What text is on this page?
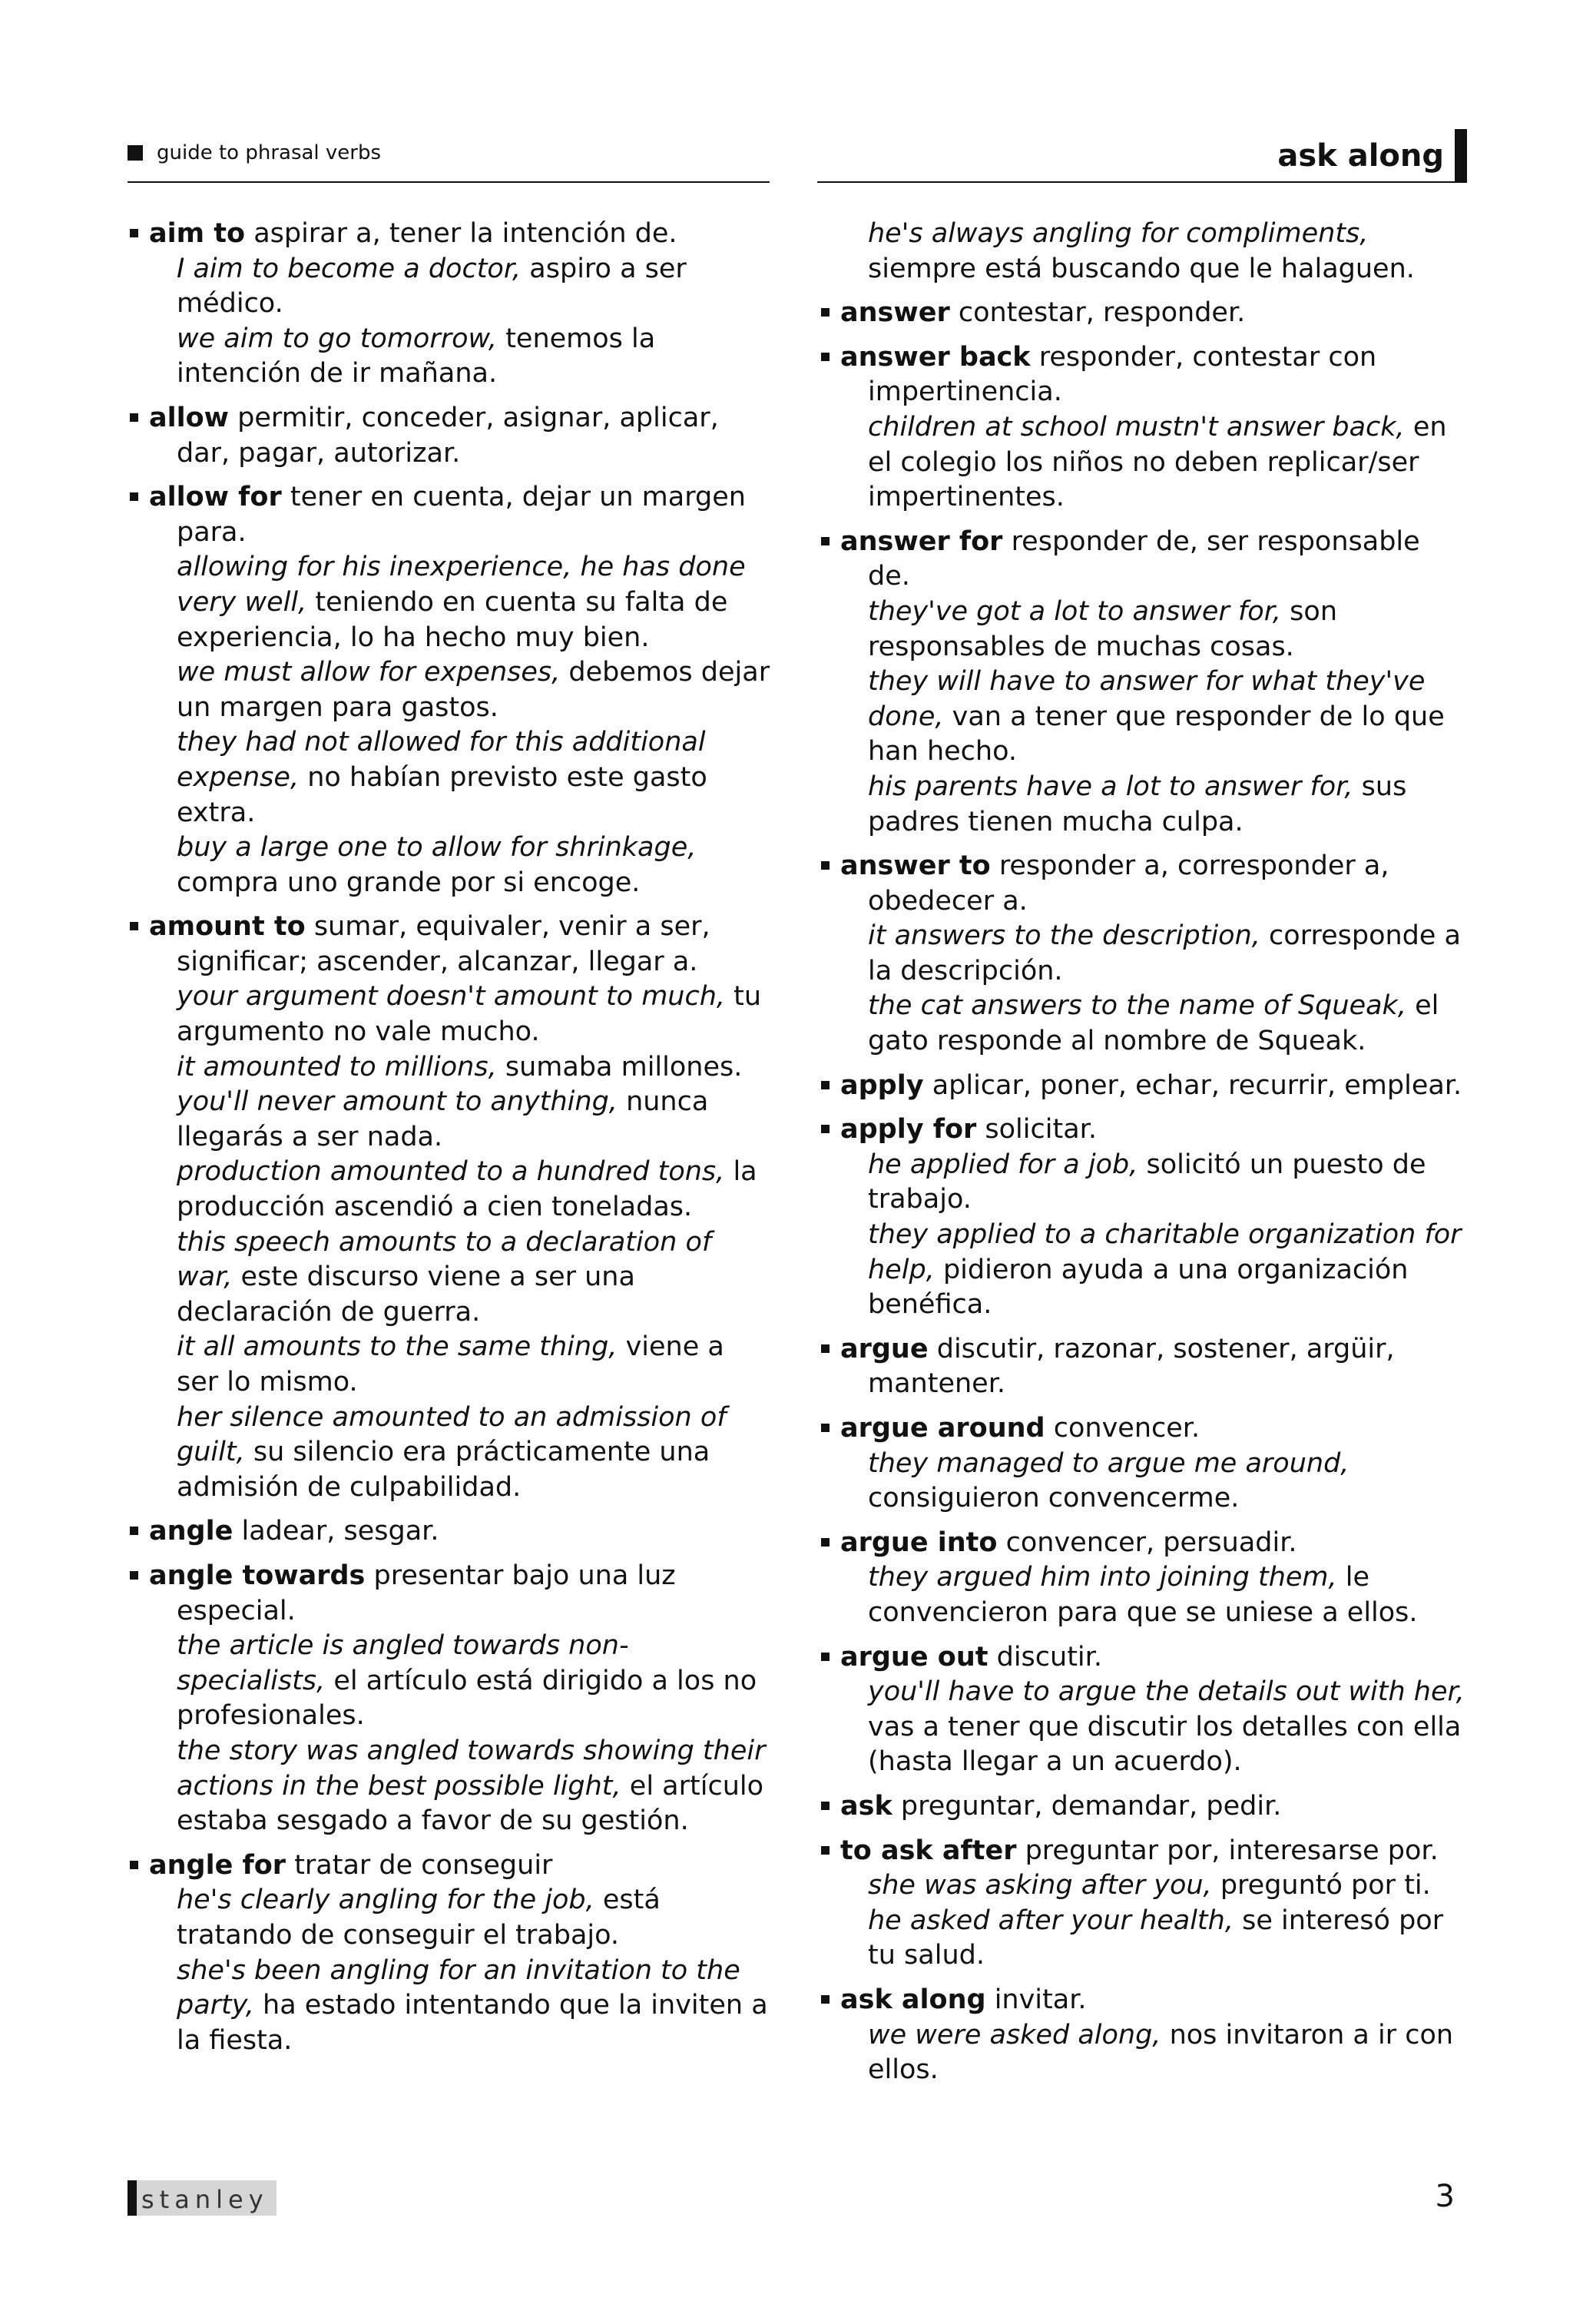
guide to phrasal verbs	ask along
aim to aspirar a, tener la intención de.
I aim to become a doctor, aspiro a ser médico.
we aim to go tomorrow, tenemos la intención de ir mañana.
allow permitir, conceder, asignar, aplicar, dar, pagar, autorizar.
allow for tener en cuenta, dejar un margen para.
allowing for his inexperience, he has done very well, teniendo en cuenta su falta de experiencia, lo ha hecho muy bien.
we must allow for expenses, debemos dejar un margen para gastos.
they had not allowed for this additional expense, no habían previsto este gasto extra.
buy a large one to allow for shrinkage, compra uno grande por si encoge.
amount to sumar, equivaler, venir a ser, significar; ascender, alcanzar, llegar a.
your argument doesn't amount to much, tu argumento no vale mucho.
it amounted to millions, sumaba millones.
you'll never amount to anything, nunca llegarás a ser nada.
production amounted to a hundred tons, la producción ascendió a cien toneladas.
this speech amounts to a declaration of war, este discurso viene a ser una declaración de guerra.
it all amounts to the same thing, viene a ser lo mismo.
her silence amounted to an admission of guilt, su silencio era prácticamente una admisión de culpabilidad.
angle ladear, sesgar.
angle towards presentar bajo una luz especial.
the article is angled towards non-specialists, el artículo está dirigido a los no profesionales.
the story was angled towards showing their actions in the best possible light, el artículo estaba sesgado a favor de su gestión.
angle for tratar de conseguir
he's clearly angling for the job, está tratando de conseguir el trabajo.
she's been angling for an invitation to the party, ha estado intentando que la inviten a la fiesta.
he's always angling for compliments, siempre está buscando que le halaguen.
answer contestar, responder.
answer back responder, contestar con impertinencia.
children at school mustn't answer back, en el colegio los niños no deben replicar/ser impertinentes.
answer for responder de, ser responsable de.
they've got a lot to answer for, son responsables de muchas cosas.
they will have to answer for what they've done, van a tener que responder de lo que han hecho.
his parents have a lot to answer for, sus padres tienen mucha culpa.
answer to responder a, corresponder a, obedecer a.
it answers to the description, corresponde a la descripción.
the cat answers to the name of Squeak, el gato responde al nombre de Squeak.
apply aplicar, poner, echar, recurrir, emplear.
apply for solicitar.
he applied for a job, solicitó un puesto de trabajo.
they applied to a charitable organization for help, pidieron ayuda a una organización benéfica.
argue discutir, razonar, sostener, argüir, mantener.
argue around convencer.
they managed to argue me around, consiguieron convencerme.
argue into convencer, persuadir.
they argued him into joining them, le convencieron para que se uniese a ellos.
argue out discutir.
you'll have to argue the details out with her, vas a tener que discutir los detalles con ella (hasta llegar a un acuerdo).
ask preguntar, demandar, pedir.
to ask after preguntar por, interesarse por.
she was asking after you, preguntó por ti.
he asked after your health, se interesó por tu salud.
ask along invitar.
we were asked along, nos invitaron a ir con ellos.
stanley	3
